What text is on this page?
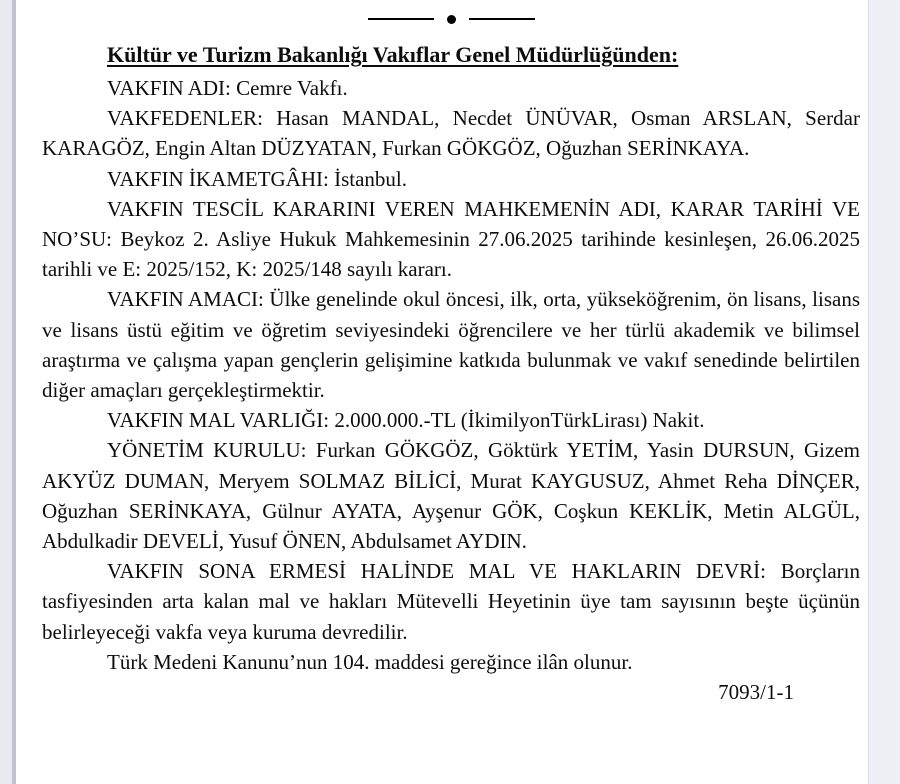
Kültür ve Turizm Bakanlığı Vakıflar Genel Müdürlüğünden:

VAKFIN ADI: Cemre Vakfı.

VAKFEDENLER: Hasan MANDAL, Necdet ÜNÜVAR, Osman ARSLAN, Serdar KARAGÖZ, Engin Altan DÜZYATAN, Furkan GÖKGÖZ, Oğuzhan SERİNKAYA.

VAKFIN İKAMETGÂHI: İstanbul.

VAKFIN TESCİL KARARINI VEREN MAHKEMENİN ADI, KARAR TARİHİ VE NO’SU: Beykoz 2. Asliye Hukuk Mahkemesinin 27.06.2025 tarihinde kesinleşen, 26.06.2025 tarihli ve E: 2025/152, K: 2025/148 sayılı kararı.

VAKFIN AMACI: Ülke genelinde okul öncesi, ilk, orta, yükseköğrenim, ön lisans, lisans ve lisans üstü eğitim ve öğretim seviyesindeki öğrencilere ve her türlü akademik ve bilimsel araştırma ve çalışma yapan gençlerin gelişimine katkıda bulunmak ve vakıf senedinde belirtilen diğer amaçları gerçekleştirmektir.

VAKFIN MAL VARLIĞI: 2.000.000.-TL (İkimilyonTürkLirası) Nakit.

YÖNETİM KURULU: Furkan GÖKGÖZ, Göktürk YETİM, Yasin DURSUN, Gizem AKYÜZ DUMAN, Meryem SOLMAZ BİLİCİ, Murat KAYGUSUZ, Ahmet Reha DİNÇER, Oğuzhan SERİNKAYA, Gülnur AYATA, Ayşenur GÖK, Coşkun KEKLİK, Metin ALGÜL, Abdulkadir DEVELİ, Yusuf ÖNEN, Abdulsamet AYDIN.

VAKFIN SONA ERMESİ HALİNDE MAL VE HAKLARIN DEVRİ: Borçların tasfiyesinden arta kalan mal ve hakları Mütevelli Heyetinin üye tam sayısının beşte üçünün belirleyeceği vakfa veya kuruma devredilir.

Türk Medeni Kanunu’nun 104. maddesi gereğince ilân olunur.

7093/1-1
